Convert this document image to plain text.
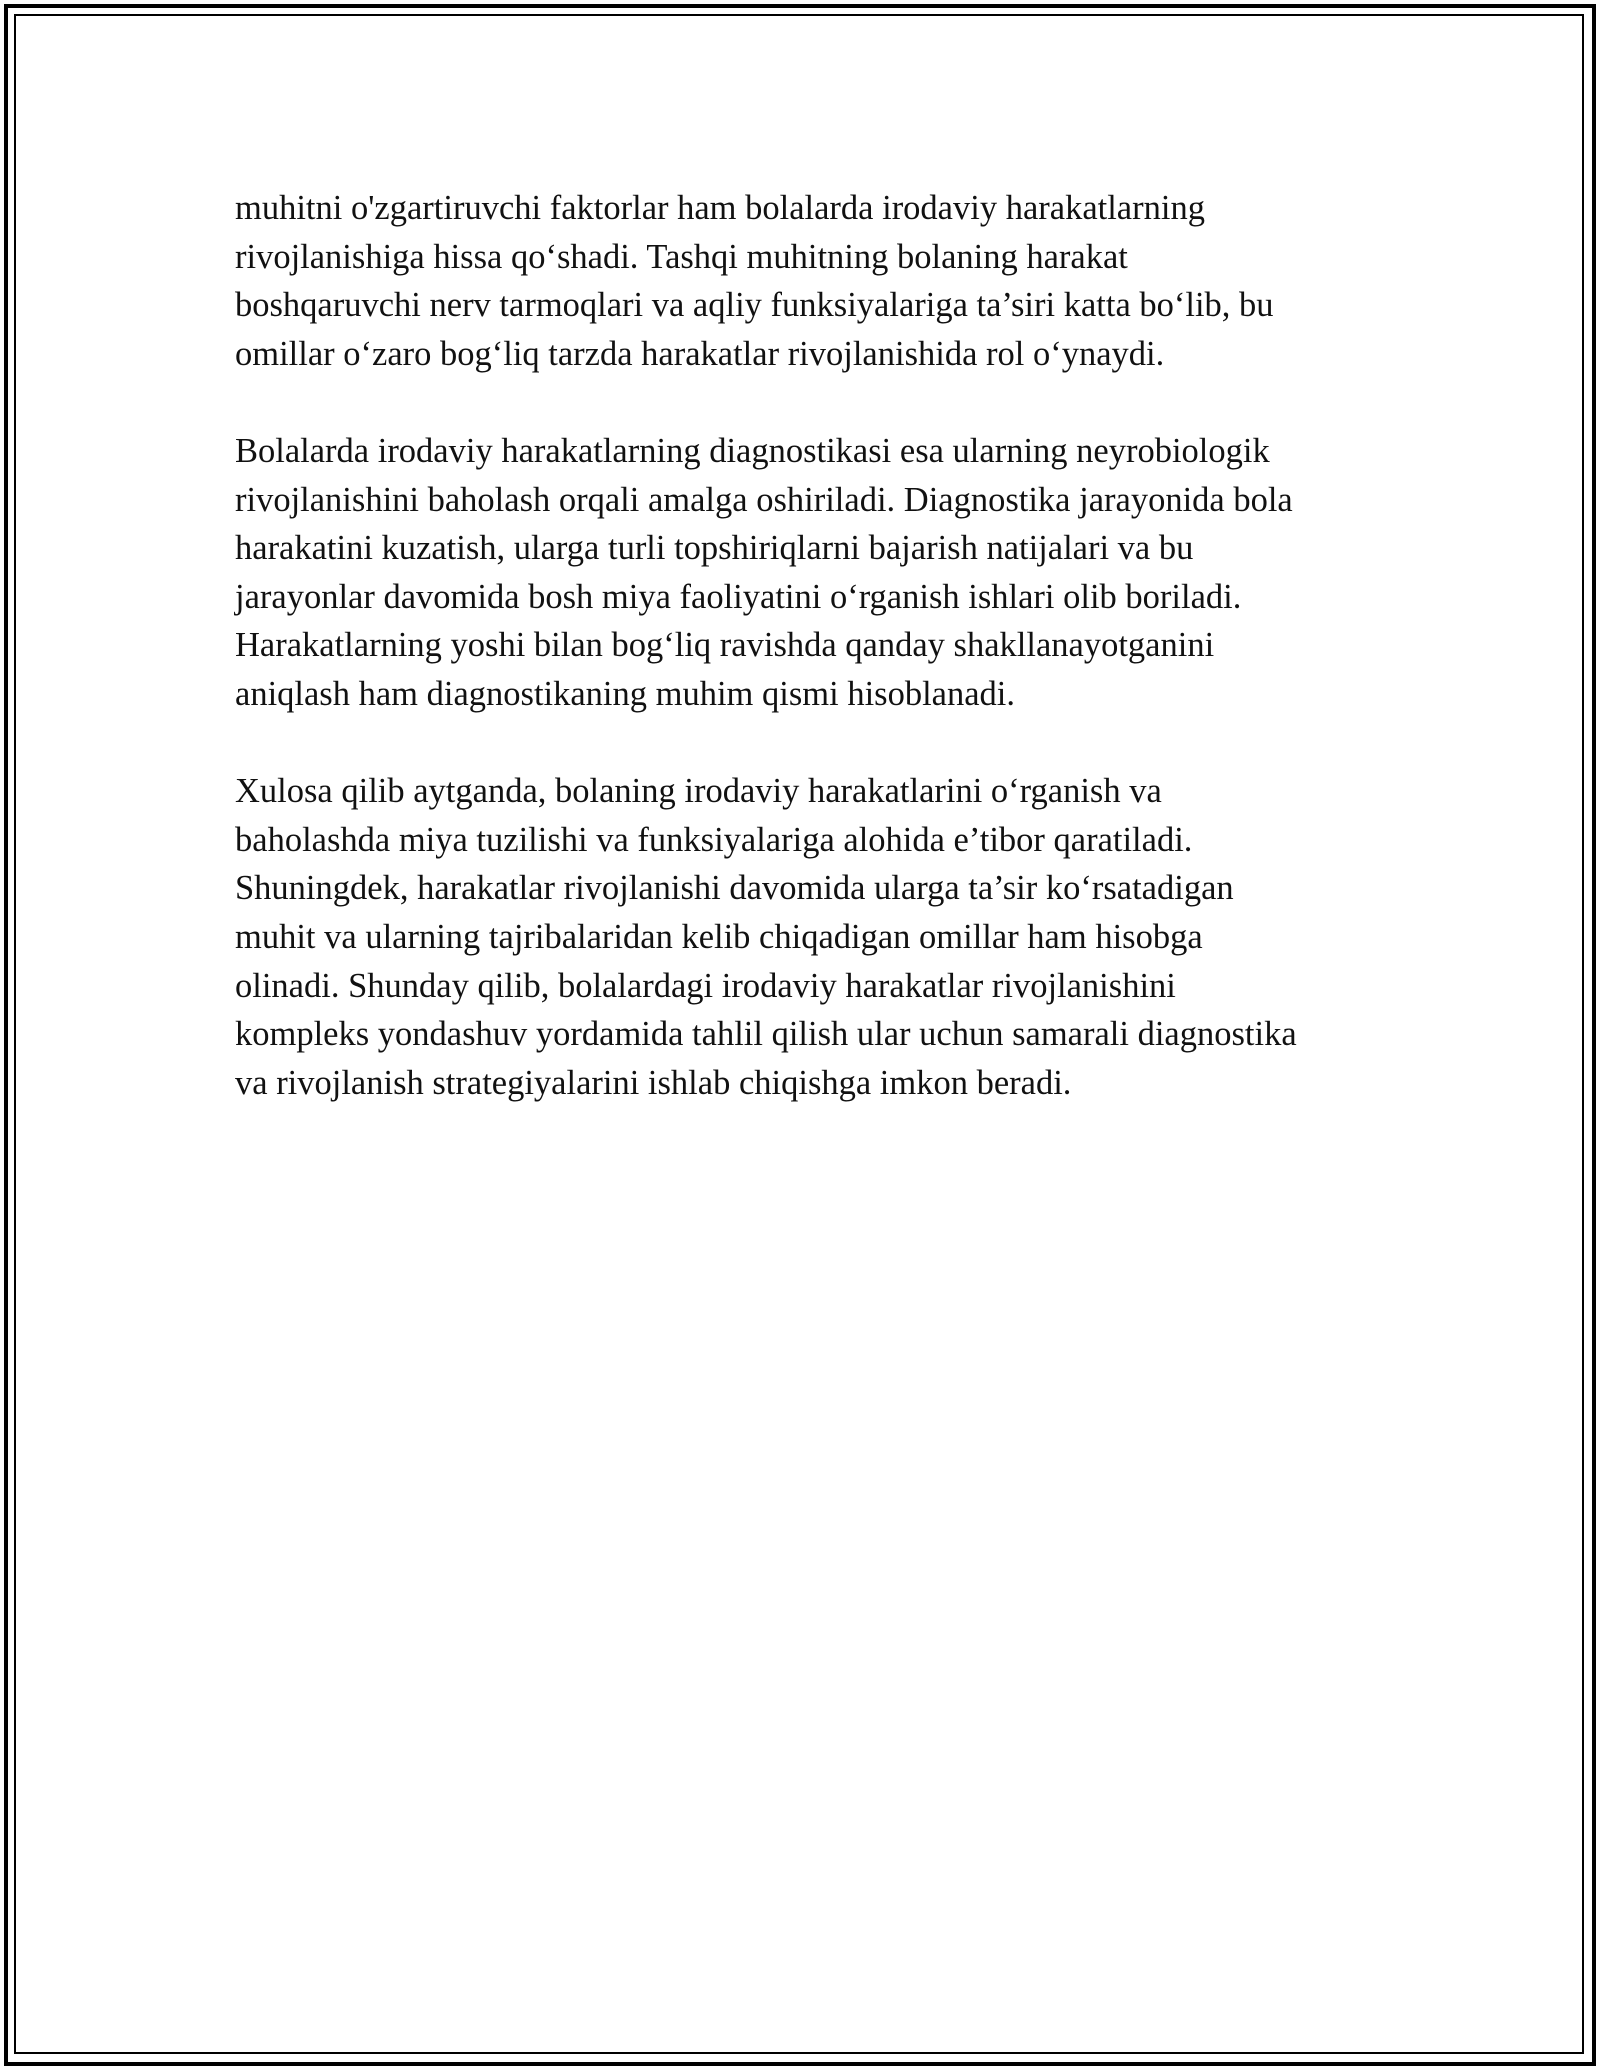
muhitni o'zgartiruvchi faktorlar ham bolalarda irodaviy harakatlarning
rivojlanishiga hissa qo‘shadi. Tashqi muhitning bolaning harakat
boshqaruvchi nerv tarmoqlari va aqliy funksiyalariga ta’siri katta bo‘lib, bu
omillar o‘zaro bog‘liq tarzda harakatlar rivojlanishida rol o‘ynaydi.

Bolalarda irodaviy harakatlarning diagnostikasi esa ularning neyrobiologik
rivojlanishini baholash orqali amalga oshiriladi. Diagnostika jarayonida bola
harakatini kuzatish, ularga turli topshiriqlarni bajarish natijalari va bu
jarayonlar davomida bosh miya faoliyatini o‘rganish ishlari olib boriladi.
Harakatlarning yoshi bilan bog‘liq ravishda qanday shakllanayotganini
aniqlash ham diagnostikaning muhim qismi hisoblanadi.

Xulosa qilib aytganda, bolaning irodaviy harakatlarini o‘rganish va
baholashda miya tuzilishi va funksiyalariga alohida e’tibor qaratiladi.
Shuningdek, harakatlar rivojlanishi davomida ularga ta’sir ko‘rsatadigan
muhit va ularning tajribalaridan kelib chiqadigan omillar ham hisobga
olinadi. Shunday qilib, bolalardagi irodaviy harakatlar rivojlanishini
kompleks yondashuv yordamida tahlil qilish ular uchun samarali diagnostika
va rivojlanish strategiyalarini ishlab chiqishga imkon beradi.
